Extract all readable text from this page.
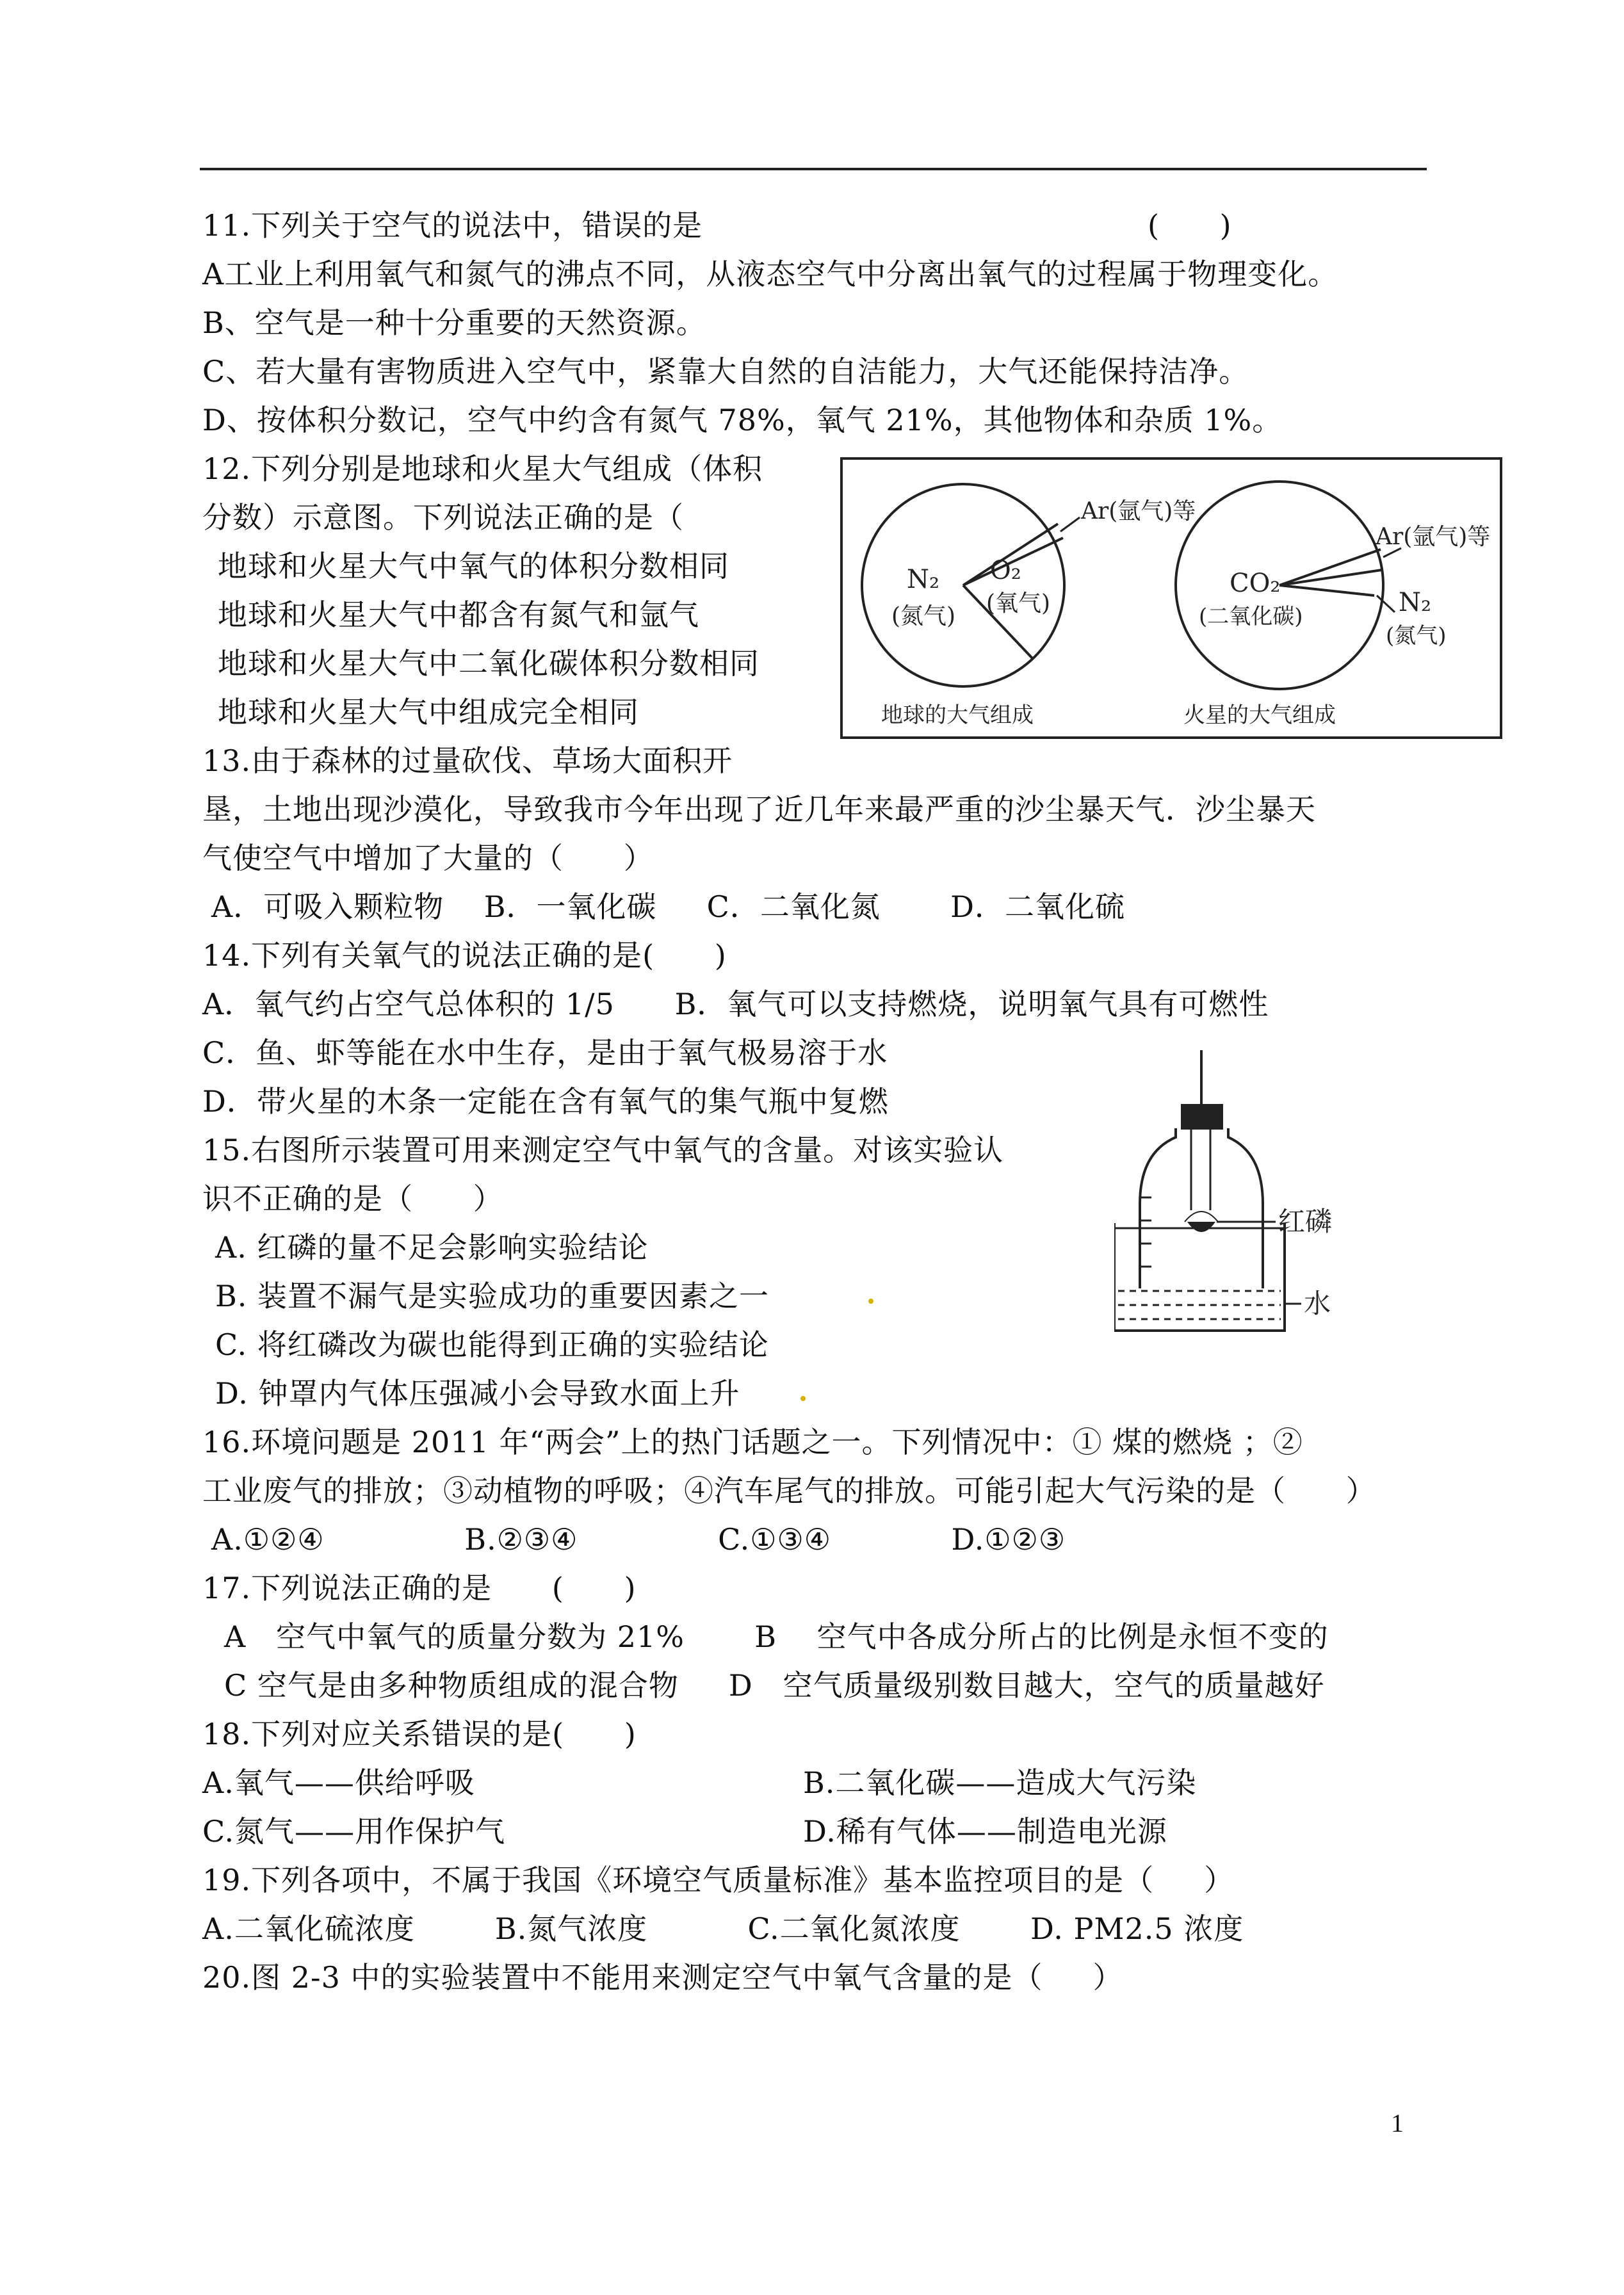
11.下列关于空气的说法中，错误的是	(      )
A工业上利用氧气和氮气的沸点不同，从液态空气中分离出氧气的过程属于物理变化。
B、空气是一种十分重要的天然资源。
C、若大量有害物质进入空气中，紧靠大自然的自洁能力，大气还能保持洁净。
D、按体积分数记，空气中约含有氮气 78%，氧气 21%，其他物体和杂质 1%。
12.下列分别是地球和火星大气组成（体积
分数）示意图。下列说法正确的是（
地球和火星大气中氧气的体积分数相同
地球和火星大气中都含有氮气和氩气
地球和火星大气中二氧化碳体积分数相同
地球和火星大气中组成完全相同
N₂
(氮气)
O₂
(氧气)
Ar(氩气)等
地球的大气组成
CO₂
(二氧化碳)
Ar(氩气)等
N₂
(氮气)
火星的大气组成
13.由于森林的过量砍伐、草场大面积开
垦，土地出现沙漠化，导致我市今年出现了近几年来最严重的沙尘暴天气．沙尘暴天
气使空气中增加了大量的（      ）
A．可吸入颗粒物    B．一氧化碳     C．二氧化氮       D．二氧化硫
14.下列有关氧气的说法正确的是(      )
A．氧气约占空气总体积的 1/5      B．氧气可以支持燃烧，说明氧气具有可燃性
C．鱼、虾等能在水中生存，是由于氧气极易溶于水
D．带火星的木条一定能在含有氧气的集气瓶中复燃
15.右图所示装置可用来测定空气中氧气的含量。对该实验认
识不正确的是（      ）
A. 红磷的量不足会影响实验结论
B. 装置不漏气是实验成功的重要因素之一
C. 将红磷改为碳也能得到正确的实验结论
D. 钟罩内气体压强减小会导致水面上升
红磷
水
16.环境问题是 2011 年“两会”上的热门话题之一。下列情况中：① 煤的燃烧 ；②
工业废气的排放；③动植物的呼吸；④汽车尾气的排放。可能引起大气污染的是（      ）
A.①②④              B.②③④              C.①③④            D.①②③
17.下列说法正确的是      (      )
A   空气中氧气的质量分数为 21%       B    空气中各成分所占的比例是永恒不变的
C 空气是由多种物质组成的混合物     D   空气质量级别数目越大，空气的质量越好
18.下列对应关系错误的是(      )
A.氧气——供给呼吸	B.二氧化碳——造成大气污染
C.氮气——用作保护气	D.稀有气体——制造电光源
19.下列各项中，不属于我国《环境空气质量标准》基本监控项目的是（     ）
A.二氧化硫浓度        B.氮气浓度          C.二氧化氮浓度       D. PM2.5 浓度
20.图 2-3 中的实验装置中不能用来测定空气中氧气含量的是（     ）
1
